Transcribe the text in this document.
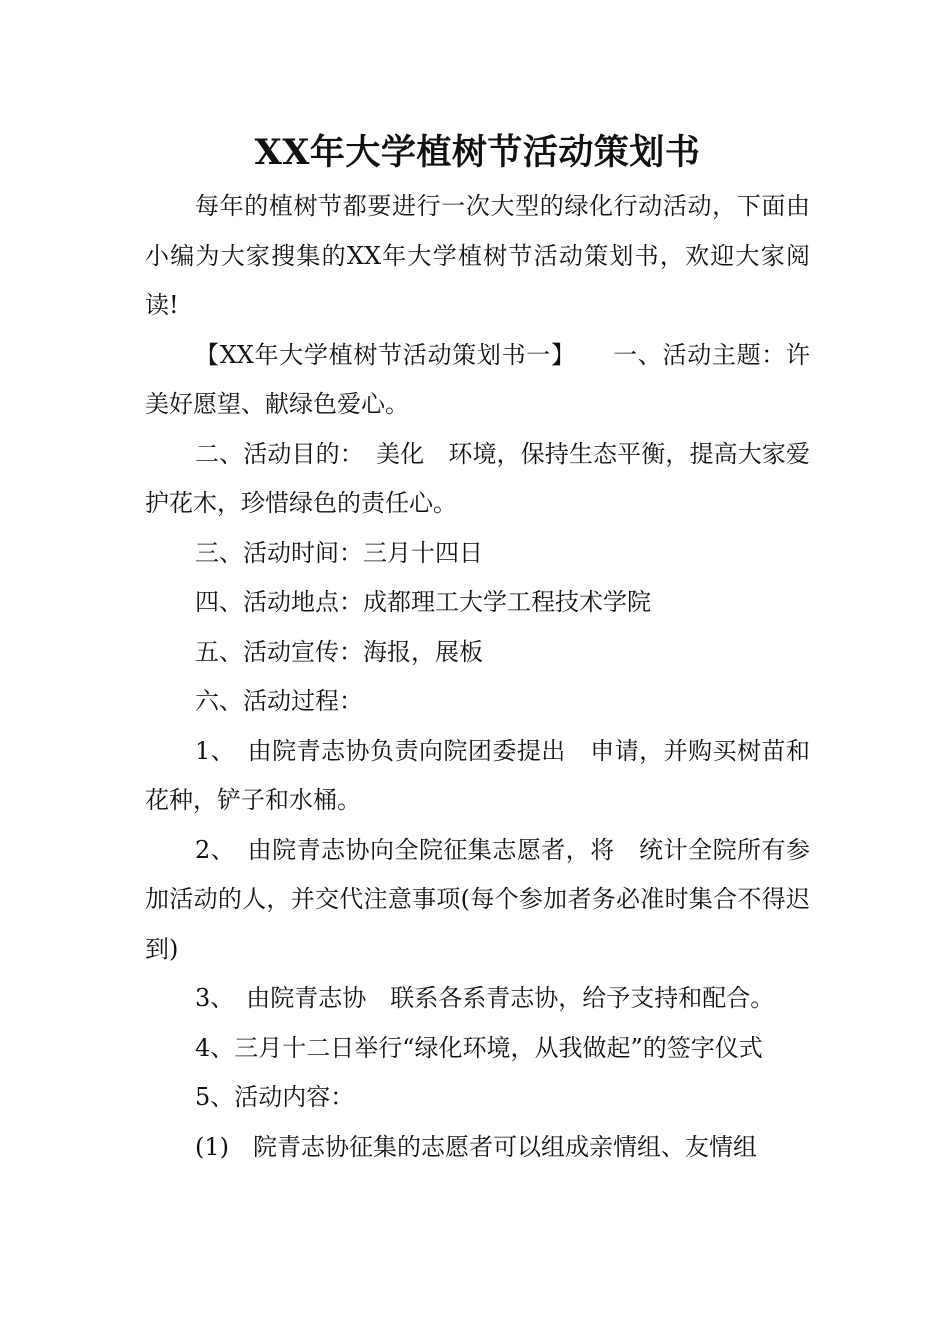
XX年大学植树节活动策划书

每年的植树节都要进行一次大型的绿化行动活动，下面由小编为大家搜集的XX年大学植树节活动策划书，欢迎大家阅读!

【XX年大学植树节活动策划书一】　　一、活动主题：许美好愿望、献绿色爱心。

二、活动目的：　美化　环境，保持生态平衡，提高大家爱护花木，珍惜绿色的责任心。

三、活动时间：三月十四日

四、活动地点：成都理工大学工程技术学院

五、活动宣传：海报，展板

六、活动过程：

1、　由院青志协负责向院团委提出　申请，并购买树苗和花种，铲子和水桶。

2、　由院青志协向全院征集志愿者，将　统计全院所有参加活动的人，并交代注意事项(每个参加者务必准时集合不得迟到)

3、　由院青志协　联系各系青志协，给予支持和配合。

4、三月十二日举行“绿化环境，从我做起”的签字仪式

5、活动内容：

(1)　院青志协征集的志愿者可以组成亲情组、友情组
